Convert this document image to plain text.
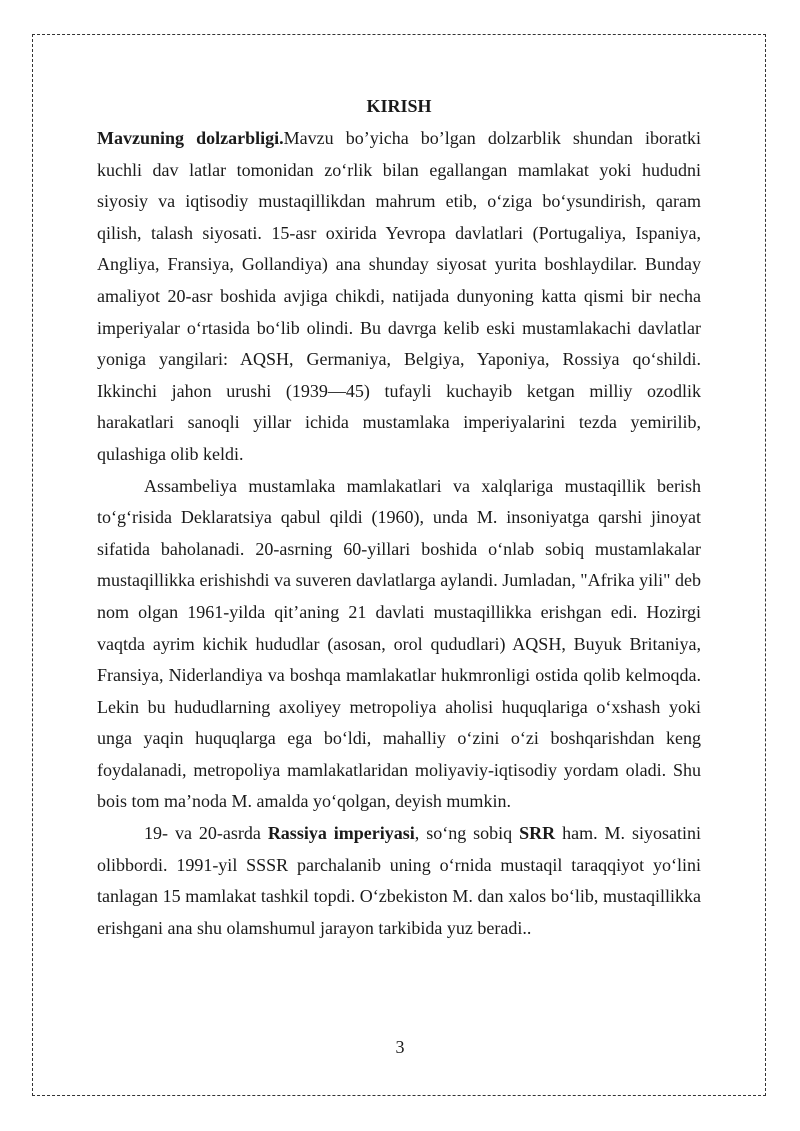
KIRISH

Mavzuning dolzarbligi.Mavzu bo’yicha bo’lgan dolzarblik shundan iboratki kuchli dav latlar tomonidan zo‘rlik bilan egallangan mamlakat yoki hududni siyosiy va iqtisodiy mustaqillikdan mahrum etib, o‘ziga bo‘ysundirish, qaram qilish, talash siyosati. 15-asr oxirida Yevropa davlatlari (Portugaliya, Ispaniya, Angliya, Fransiya, Gollandiya) ana shunday siyosat yurita boshlaydilar. Bunday amaliyot 20-asr boshida avjiga chikdi, natijada dunyoning katta qismi bir necha imperiyalar o‘rtasida bo‘lib olindi. Bu davrga kelib eski mustamlakachi davlatlar yoniga yangilari: AQSH, Germaniya, Belgiya, Yaponiya, Rossiya qo‘shildi. Ikkinchi jahon urushi (1939—45) tufayli kuchayib ketgan milliy ozodlik harakatlari sanoqli yillar ichida mustamlaka imperiyalarini tezda yemirilib, qulashiga olib keldi.

Assambeliya mustamlaka mamlakatlari va xalqlariga mustaqillik berish to‘g‘risida Deklaratsiya qabul qildi (1960), unda M. insoniyatga qarshi jinoyat sifatida baholanadi. 20-asrning 60-yillari boshida o‘nlab sobiq mustamlakalar mustaqillikka erishishdi va suveren davlatlarga aylandi. Jumladan, "Afrika yili" deb nom olgan 1961-yilda qit’aning 21 davlati mustaqillikka erishgan edi. Hozirgi vaqtda ayrim kichik hududlar (asosan, orol qududlari) AQSH, Buyuk Britaniya, Fransiya, Niderlandiya va boshqa mamlakatlar hukmronligi ostida qolib kelmoqda. Lekin bu hududlarning axoliyey metropoliya aholisi huquqlariga o‘xshash yoki unga yaqin huquqlarga ega bo‘ldi, mahalliy o‘zini o‘zi boshqarishdan keng foydalanadi, metropoliya mamlakatlaridan moliyaviy-iqtisodiy yordam oladi. Shu bois tom ma’noda M. amalda yo‘qolgan, deyish mumkin.

19- va 20-asrda Rassiya imperiyasi, so‘ng sobiq SRR ham. M. siyosatini olibbordi. 1991-yil SSSR parchalanib uning o‘rnida mustaqil taraqqiyot yo‘lini tanlagan 15 mamlakat tashkil topdi. O‘zbekiston M. dan xalos bo‘lib, mustaqillikka erishgani ana shu olamshumul jarayon tarkibida yuz beradi..

3
